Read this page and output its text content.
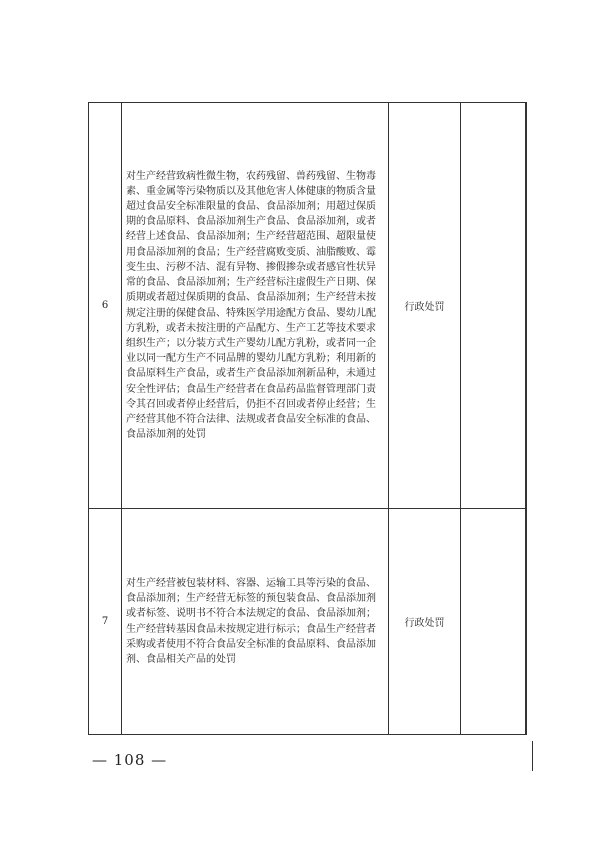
6	对生产经营致病性微生物，农药残留、兽药残留、生物毒素、重金属等污染物质以及其他危害人体健康的物质含量超过食品安全标准限量的食品、食品添加剂；用超过保质期的食品原料、食品添加剂生产食品、食品添加剂，或者经营上述食品、食品添加剂；生产经营超范围、超限量使用食品添加剂的食品；生产经营腐败变质、油脂酸败、霉变生虫、污秽不洁、混有异物、掺假掺杂或者感官性状异常的食品、食品添加剂；生产经营标注虚假生产日期、保质期或者超过保质期的食品、食品添加剂；生产经营未按规定注册的保健食品、特殊医学用途配方食品、婴幼儿配方乳粉，或者未按注册的产品配方、生产工艺等技术要求组织生产；以分装方式生产婴幼儿配方乳粉，或者同一企业以同一配方生产不同品牌的婴幼儿配方乳粉；利用新的食品原料生产食品，或者生产食品添加剂新品种，未通过安全性评估；食品生产经营者在食品药品监督管理部门责令其召回或者停止经营后，仍拒不召回或者停止经营；生产经营其他不符合法律、法规或者食品安全标准的食品、食品添加剂的处罚	行政处罚		
7	对生产经营被包装材料、容器、运输工具等污染的食品、食品添加剂；生产经营无标签的预包装食品、食品添加剂或者标签、说明书不符合本法规定的食品、食品添加剂；生产经营转基因食品未按规定进行标示；食品生产经营者采购或者使用不符合食品安全标准的食品原料、食品添加剂、食品相关产品的处罚	行政处罚		
— 108 —
